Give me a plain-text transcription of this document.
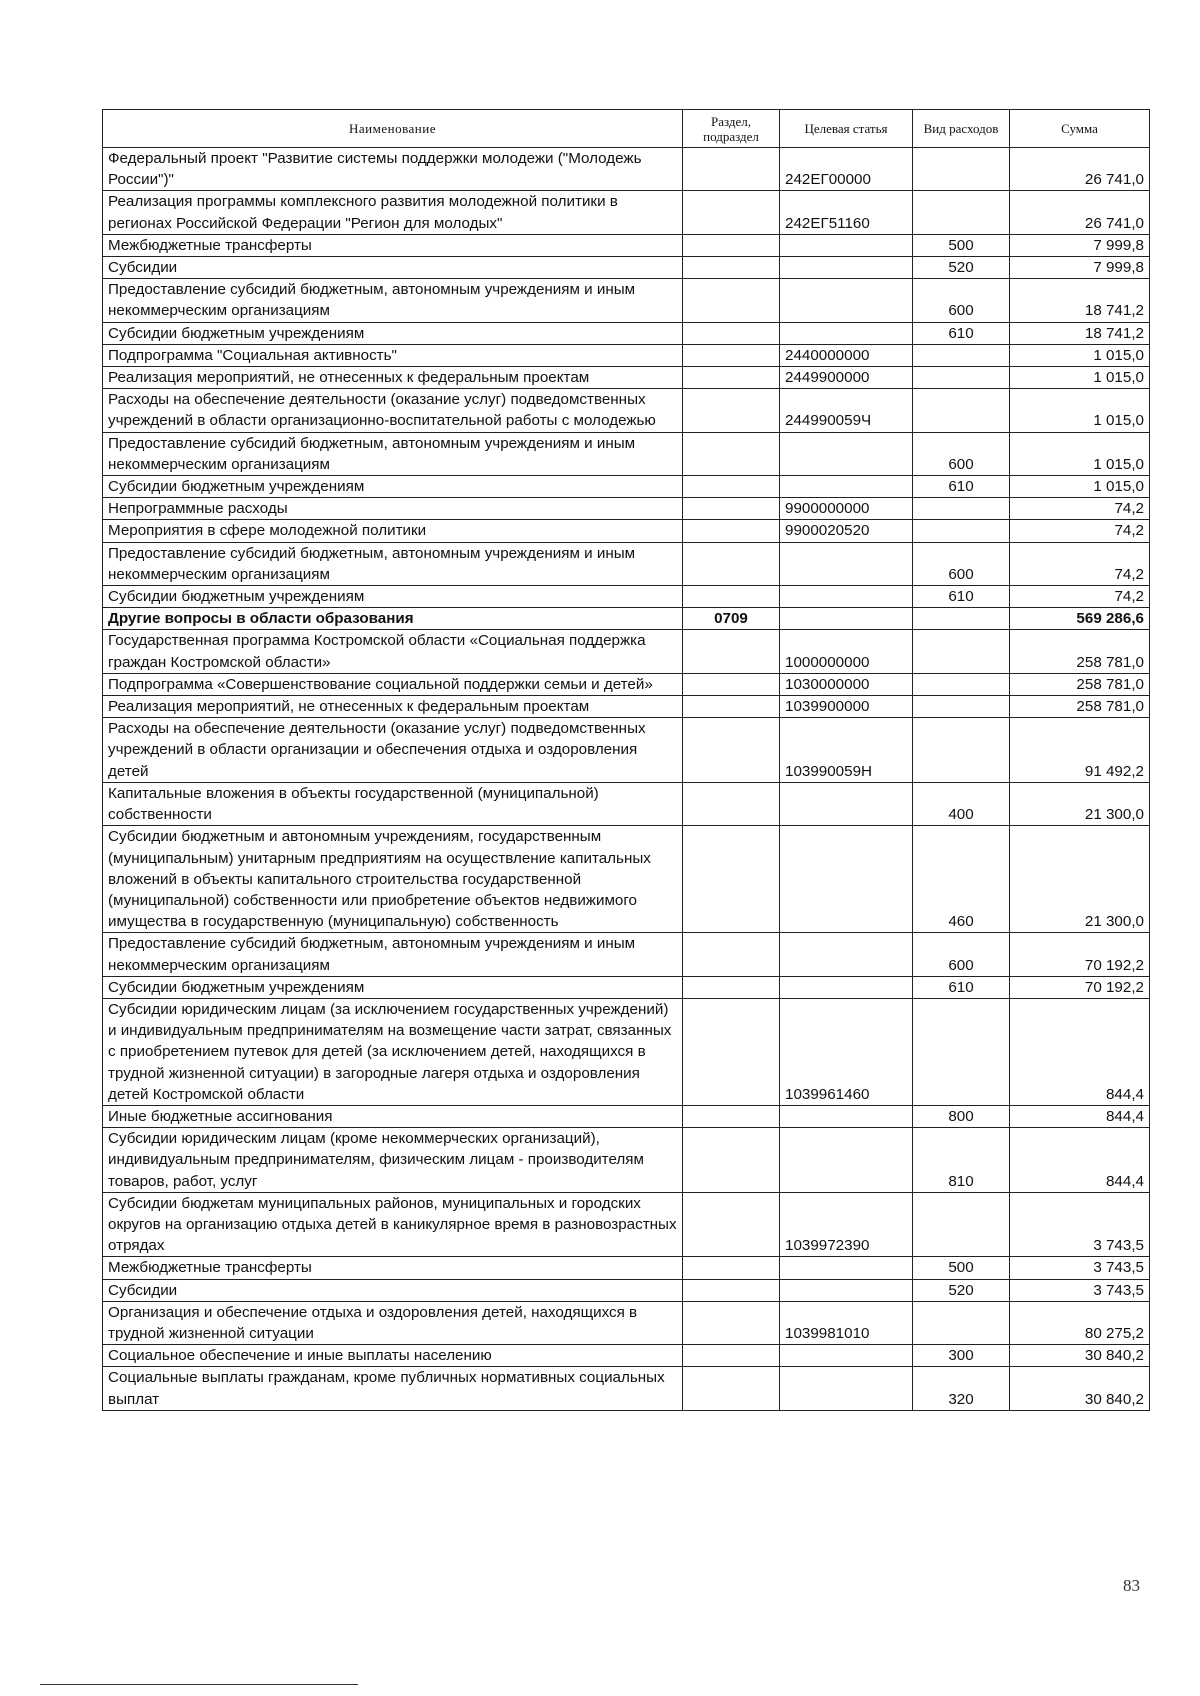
Наименование	Раздел, подраздел	Целевая статья	Вид расходов	Сумма
Федеральный проект "Развитие системы поддержки молодежи ("Молодежь России")"		242ЕГ00000		26 741,0
Реализация программы комплексного развития молодежной политики в регионах Российской Федерации "Регион для молодых"		242ЕГ51160		26 741,0
Межбюджетные трансферты			500	7 999,8
Субсидии			520	7 999,8
Предоставление субсидий бюджетным, автономным учреждениям и иным некоммерческим организациям			600	18 741,2
Субсидии бюджетным учреждениям			610	18 741,2
Подпрограмма "Социальная активность"		2440000000		1 015,0
Реализация мероприятий, не отнесенных к федеральным проектам		2449900000		1 015,0
Расходы на обеспечение деятельности (оказание услуг) подведомственных учреждений в области организационно-воспитательной работы с молодежью		244990059Ч		1 015,0
Предоставление субсидий бюджетным, автономным учреждениям и иным некоммерческим организациям			600	1 015,0
Субсидии бюджетным учреждениям			610	1 015,0
Непрограммные расходы		9900000000		74,2
Мероприятия в сфере молодежной политики		9900020520		74,2
Предоставление субсидий бюджетным, автономным учреждениям и иным некоммерческим организациям			600	74,2
Субсидии бюджетным учреждениям			610	74,2
Другие вопросы в области образования	0709			569 286,6
Государственная программа Костромской области «Социальная поддержка граждан Костромской области»		1000000000		258 781,0
Подпрограмма «Совершенствование социальной поддержки семьи и детей»		1030000000		258 781,0
Реализация мероприятий, не отнесенных к федеральным проектам		1039900000		258 781,0
Расходы на обеспечение деятельности (оказание услуг) подведомственных учреждений в области организации и обеспечения отдыха и оздоровления детей		103990059Н		91 492,2
Капитальные вложения в объекты государственной (муниципальной) собственности			400	21 300,0
Субсидии бюджетным и автономным учреждениям, государственным (муниципальным) унитарным предприятиям на осуществление капитальных вложений в объекты капитального строительства государственной (муниципальной) собственности или приобретение объектов недвижимого имущества в государственную (муниципальную) собственность			460	21 300,0
Предоставление субсидий бюджетным, автономным учреждениям и иным некоммерческим организациям			600	70 192,2
Субсидии бюджетным учреждениям			610	70 192,2
Субсидии юридическим лицам (за исключением государственных учреждений) и индивидуальным предпринимателям на возмещение части затрат, связанных с приобретением путевок для детей (за исключением детей, находящихся в трудной жизненной ситуации) в загородные лагеря отдыха и оздоровления детей Костромской области		1039961460		844,4
Иные бюджетные ассигнования			800	844,4
Субсидии юридическим лицам (кроме некоммерческих организаций), индивидуальным предпринимателям, физическим лицам - производителям товаров, работ, услуг			810	844,4
Субсидии бюджетам муниципальных районов, муниципальных и городских округов на организацию отдыха детей в каникулярное время в разновозрастных отрядах		1039972390		3 743,5
Межбюджетные трансферты			500	3 743,5
Субсидии			520	3 743,5
Организация и обеспечение отдыха и оздоровления детей, находящихся в трудной жизненной ситуации		1039981010		80 275,2
Социальное обеспечение и иные выплаты населению			300	30 840,2
Социальные выплаты гражданам, кроме публичных нормативных социальных выплат			320	30 840,2
83
